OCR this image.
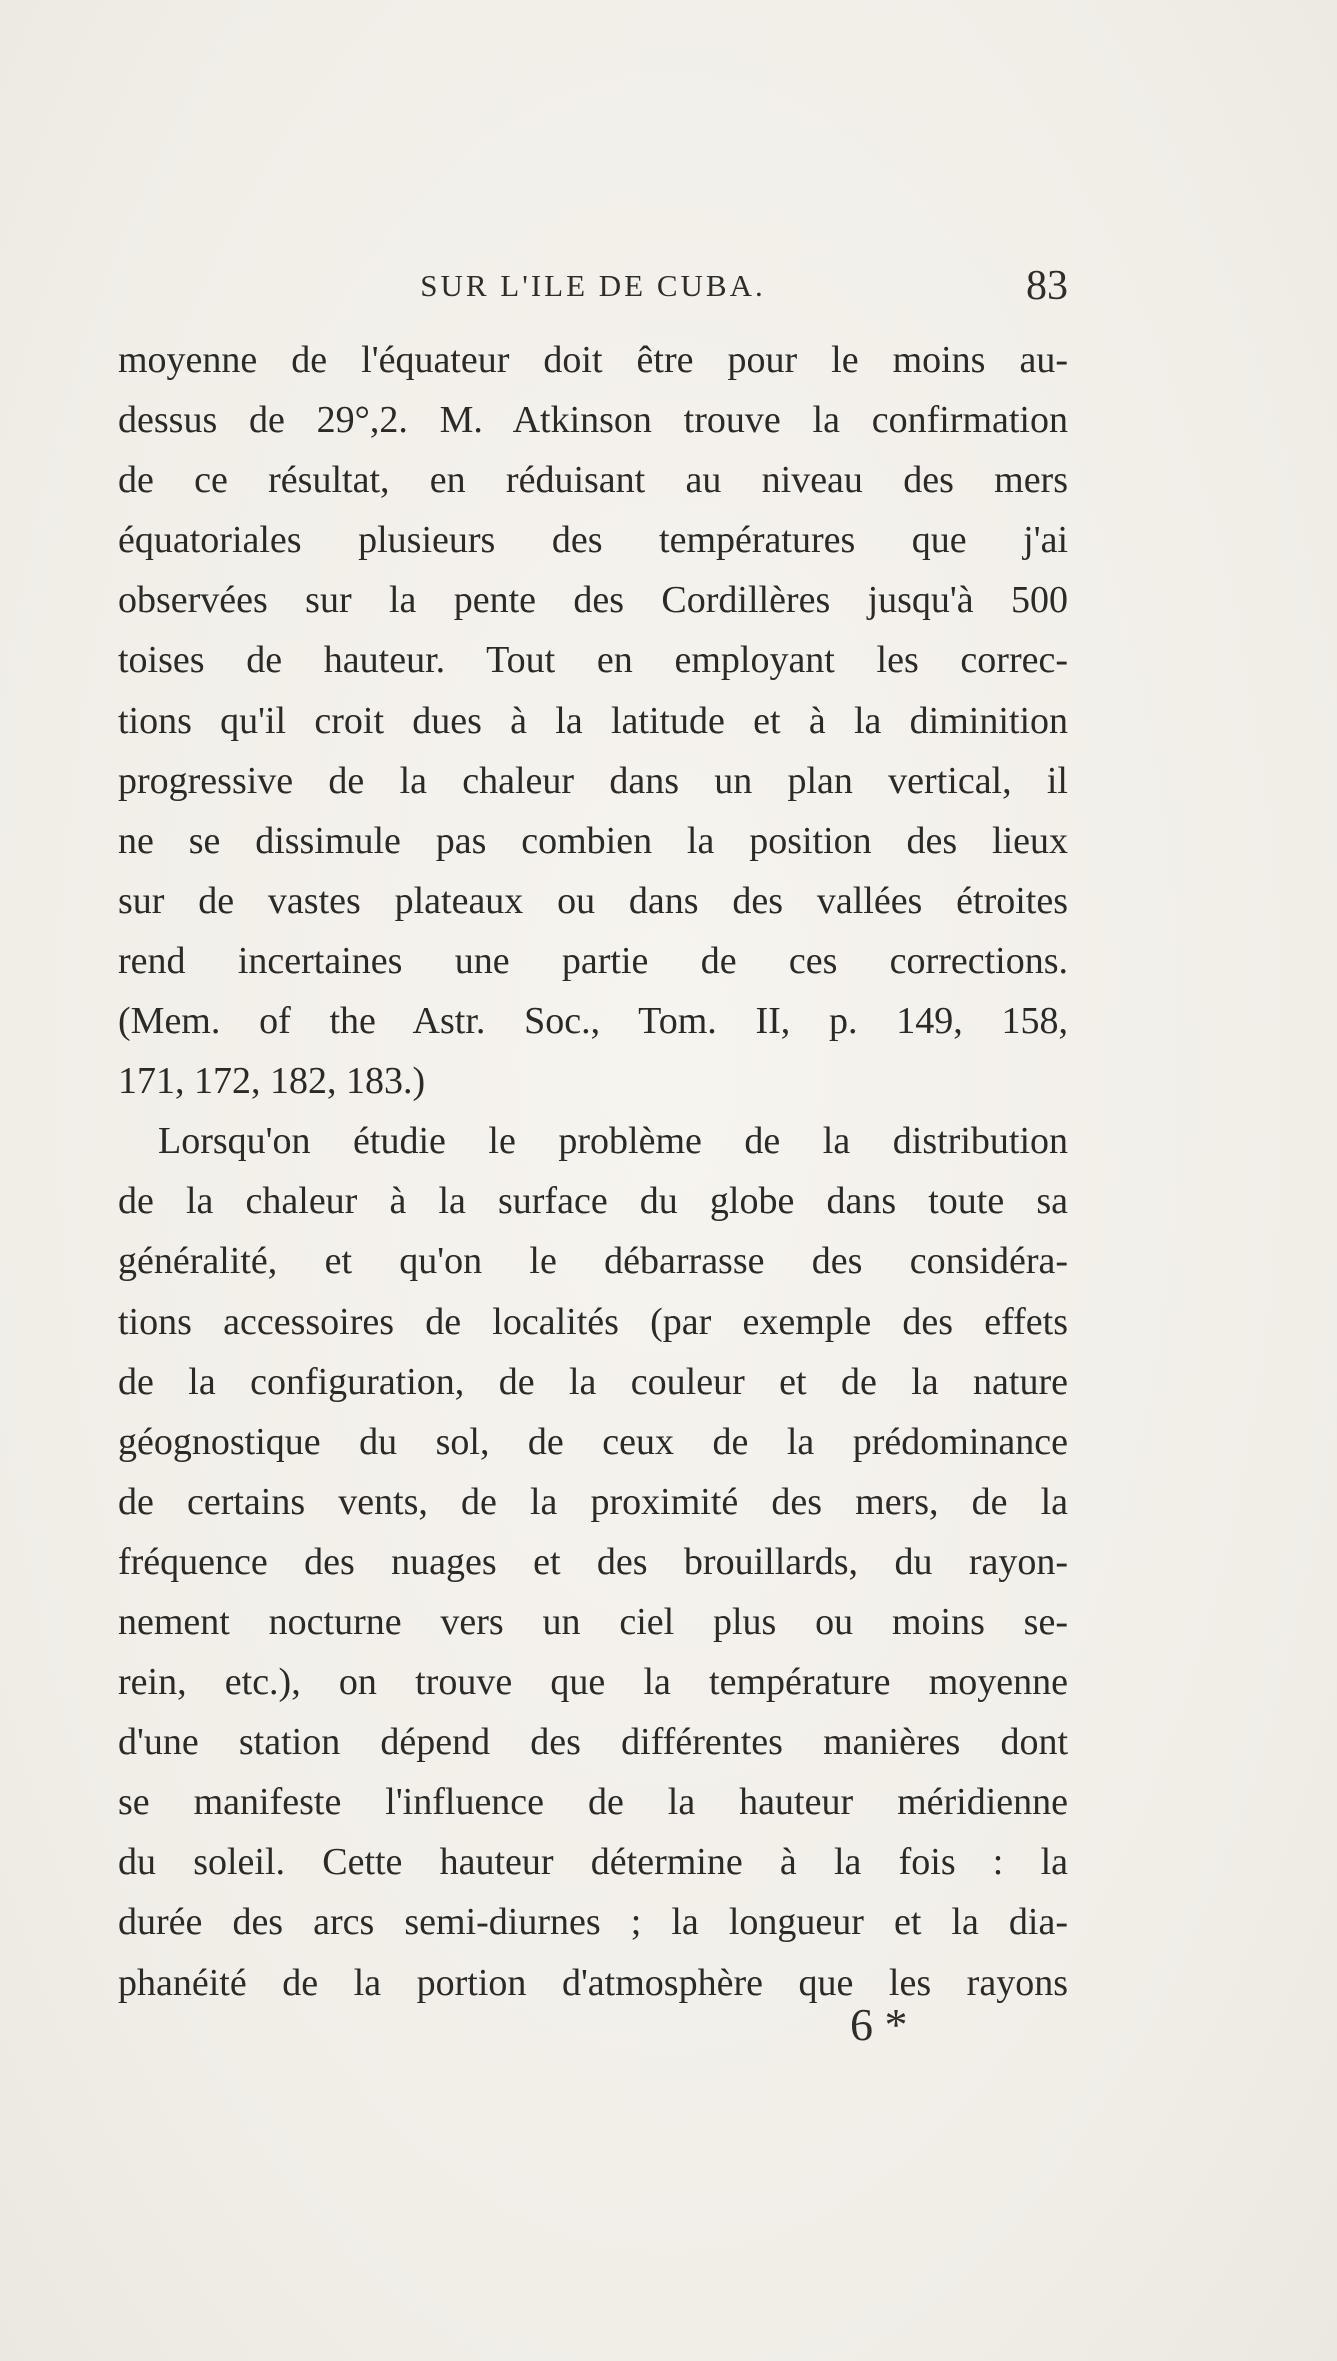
SUR L'ILE DE CUBA.	83
moyenne de l'équateur doit être pour le moins au-
dessus de 29°,2. M. Atkinson trouve la confirmation
de ce résultat, en réduisant au niveau des mers
équatoriales plusieurs des températures que j'ai
observées sur la pente des Cordillères jusqu'à 500
toises de hauteur. Tout en employant les correc-
tions qu'il croit dues à la latitude et à la diminition
progressive de la chaleur dans un plan vertical, il
ne se dissimule pas combien la position des lieux
sur de vastes plateaux ou dans des vallées étroites
rend incertaines une partie de ces corrections.
(Mem. of the Astr. Soc., Tom. II, p. 149, 158,
171, 172, 182, 183.)
Lorsqu'on étudie le problème de la distribution
de la chaleur à la surface du globe dans toute sa
généralité, et qu'on le débarrasse des considéra-
tions accessoires de localités (par exemple des effets
de la configuration, de la couleur et de la nature
géognostique du sol, de ceux de la prédominance
de certains vents, de la proximité des mers, de la
fréquence des nuages et des brouillards, du rayon-
nement nocturne vers un ciel plus ou moins se-
rein, etc.), on trouve que la température moyenne
d'une station dépend des différentes manières dont
se manifeste l'influence de la hauteur méridienne
du soleil. Cette hauteur détermine à la fois : la
durée des arcs semi-diurnes ; la longueur et la dia-
phanéité de la portion d'atmosphère que les rayons
6 *
